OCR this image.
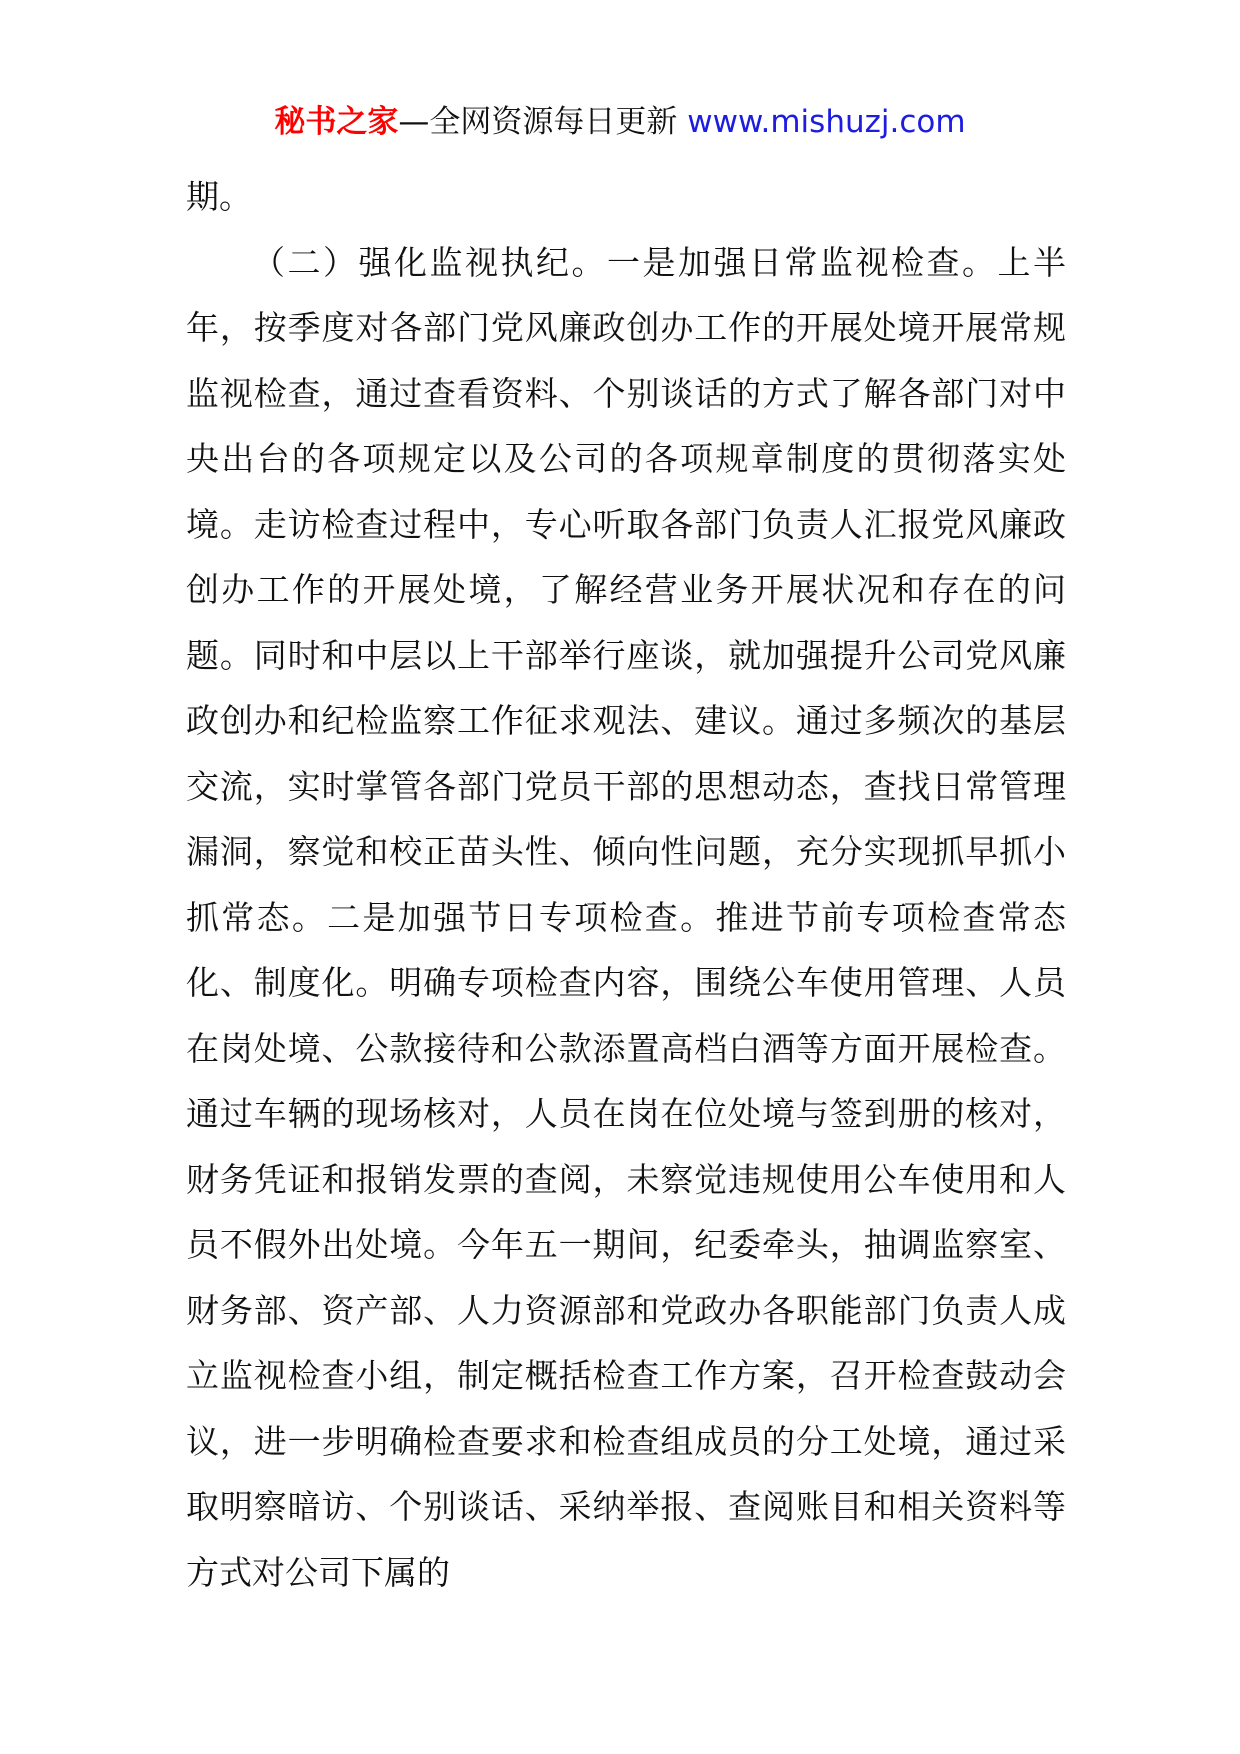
秘书之家—全网资源每日更新 www.mishuzj.com

期。

（二）强化监视执纪。一是加强日常监视检查。上半年，按季度对各部门党风廉政创办工作的开展处境开展常规监视检查，通过查看资料、个别谈话的方式了解各部门对中央出台的各项规定以及公司的各项规章制度的贯彻落实处境。走访检查过程中，专心听取各部门负责人汇报党风廉政创办工作的开展处境，了解经营业务开展状况和存在的问题。同时和中层以上干部举行座谈，就加强提升公司党风廉政创办和纪检监察工作征求观法、建议。通过多频次的基层交流，实时掌管各部门党员干部的思想动态，查找日常管理漏洞，察觉和校正苗头性、倾向性问题，充分实现抓早抓小抓常态。二是加强节日专项检查。推进节前专项检查常态化、制度化。明确专项检查内容，围绕公车使用管理、人员在岗处境、公款接待和公款添置高档白酒等方面开展检查。通过车辆的现场核对，人员在岗在位处境与签到册的核对，财务凭证和报销发票的查阅，未察觉违规使用公车使用和人员不假外出处境。今年五一期间，纪委牵头，抽调监察室、财务部、资产部、人力资源部和党政办各职能部门负责人成立监视检查小组，制定概括检查工作方案，召开检查鼓动会议，进一步明确检查要求和检查组成员的分工处境，通过采取明察暗访、个别谈话、采纳举报、查阅账目和相关资料等方式对公司下属的
